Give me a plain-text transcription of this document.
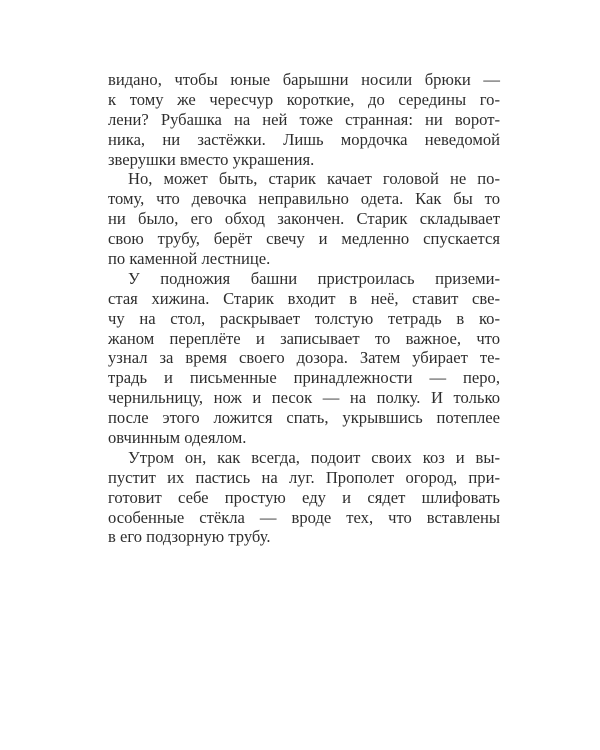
видано, чтобы юные барышни носили брюки —
к тому же чересчур короткие, до середины го-
лени? Рубашка на ней тоже странная: ни ворот-
ника, ни застёжки. Лишь мордочка неведомой
зверушки вместо украшения.
Но, может быть, старик качает головой не по-
тому, что девочка неправильно одета. Как бы то
ни было, его обход закончен. Старик складывает
свою трубу, берёт свечу и медленно спускается
по каменной лестнице.
У подножия башни пристроилась приземи-
стая хижина. Старик входит в неё, ставит све-
чу на стол, раскрывает толстую тетрадь в ко-
жаном переплёте и записывает то важное, что
узнал за время своего дозора. Затем убирает те-
традь и письменные принадлежности — перо,
чернильницу, нож и песок — на полку. И только
после этого ложится спать, укрывшись потеплее
овчинным одеялом.
Утром он, как всегда, подоит своих коз и вы-
пустит их пастись на луг. Прополет огород, при-
готовит себе простую еду и сядет шлифовать
особенные стёкла — вроде тех, что вставлены
в его подзорную трубу.
